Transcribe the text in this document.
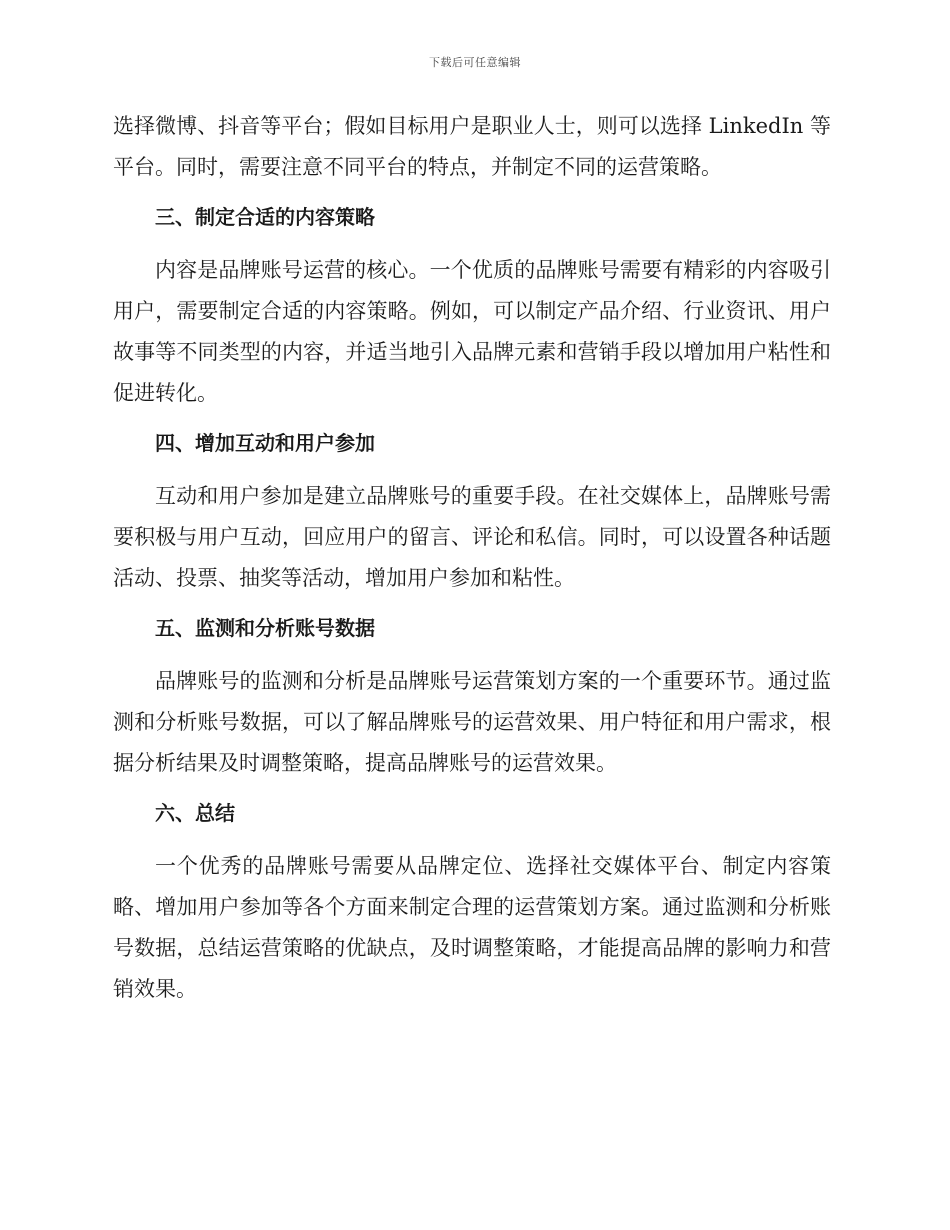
下载后可任意编辑

选择微博、抖音等平台；假如目标用户是职业人士，则可以选择 LinkedIn 等平台。同时，需要注意不同平台的特点，并制定不同的运营策略。

三、制定合适的内容策略

内容是品牌账号运营的核心。一个优质的品牌账号需要有精彩的内容吸引用户，需要制定合适的内容策略。例如，可以制定产品介绍、行业资讯、用户故事等不同类型的内容，并适当地引入品牌元素和营销手段以增加用户粘性和促进转化。

四、增加互动和用户参加

互动和用户参加是建立品牌账号的重要手段。在社交媒体上，品牌账号需要积极与用户互动，回应用户的留言、评论和私信。同时，可以设置各种话题活动、投票、抽奖等活动，增加用户参加和粘性。

五、监测和分析账号数据

品牌账号的监测和分析是品牌账号运营策划方案的一个重要环节。通过监测和分析账号数据，可以了解品牌账号的运营效果、用户特征和用户需求，根据分析结果及时调整策略，提高品牌账号的运营效果。

六、总结

一个优秀的品牌账号需要从品牌定位、选择社交媒体平台、制定内容策略、增加用户参加等各个方面来制定合理的运营策划方案。通过监测和分析账号数据，总结运营策略的优缺点，及时调整策略，才能提高品牌的影响力和营销效果。
